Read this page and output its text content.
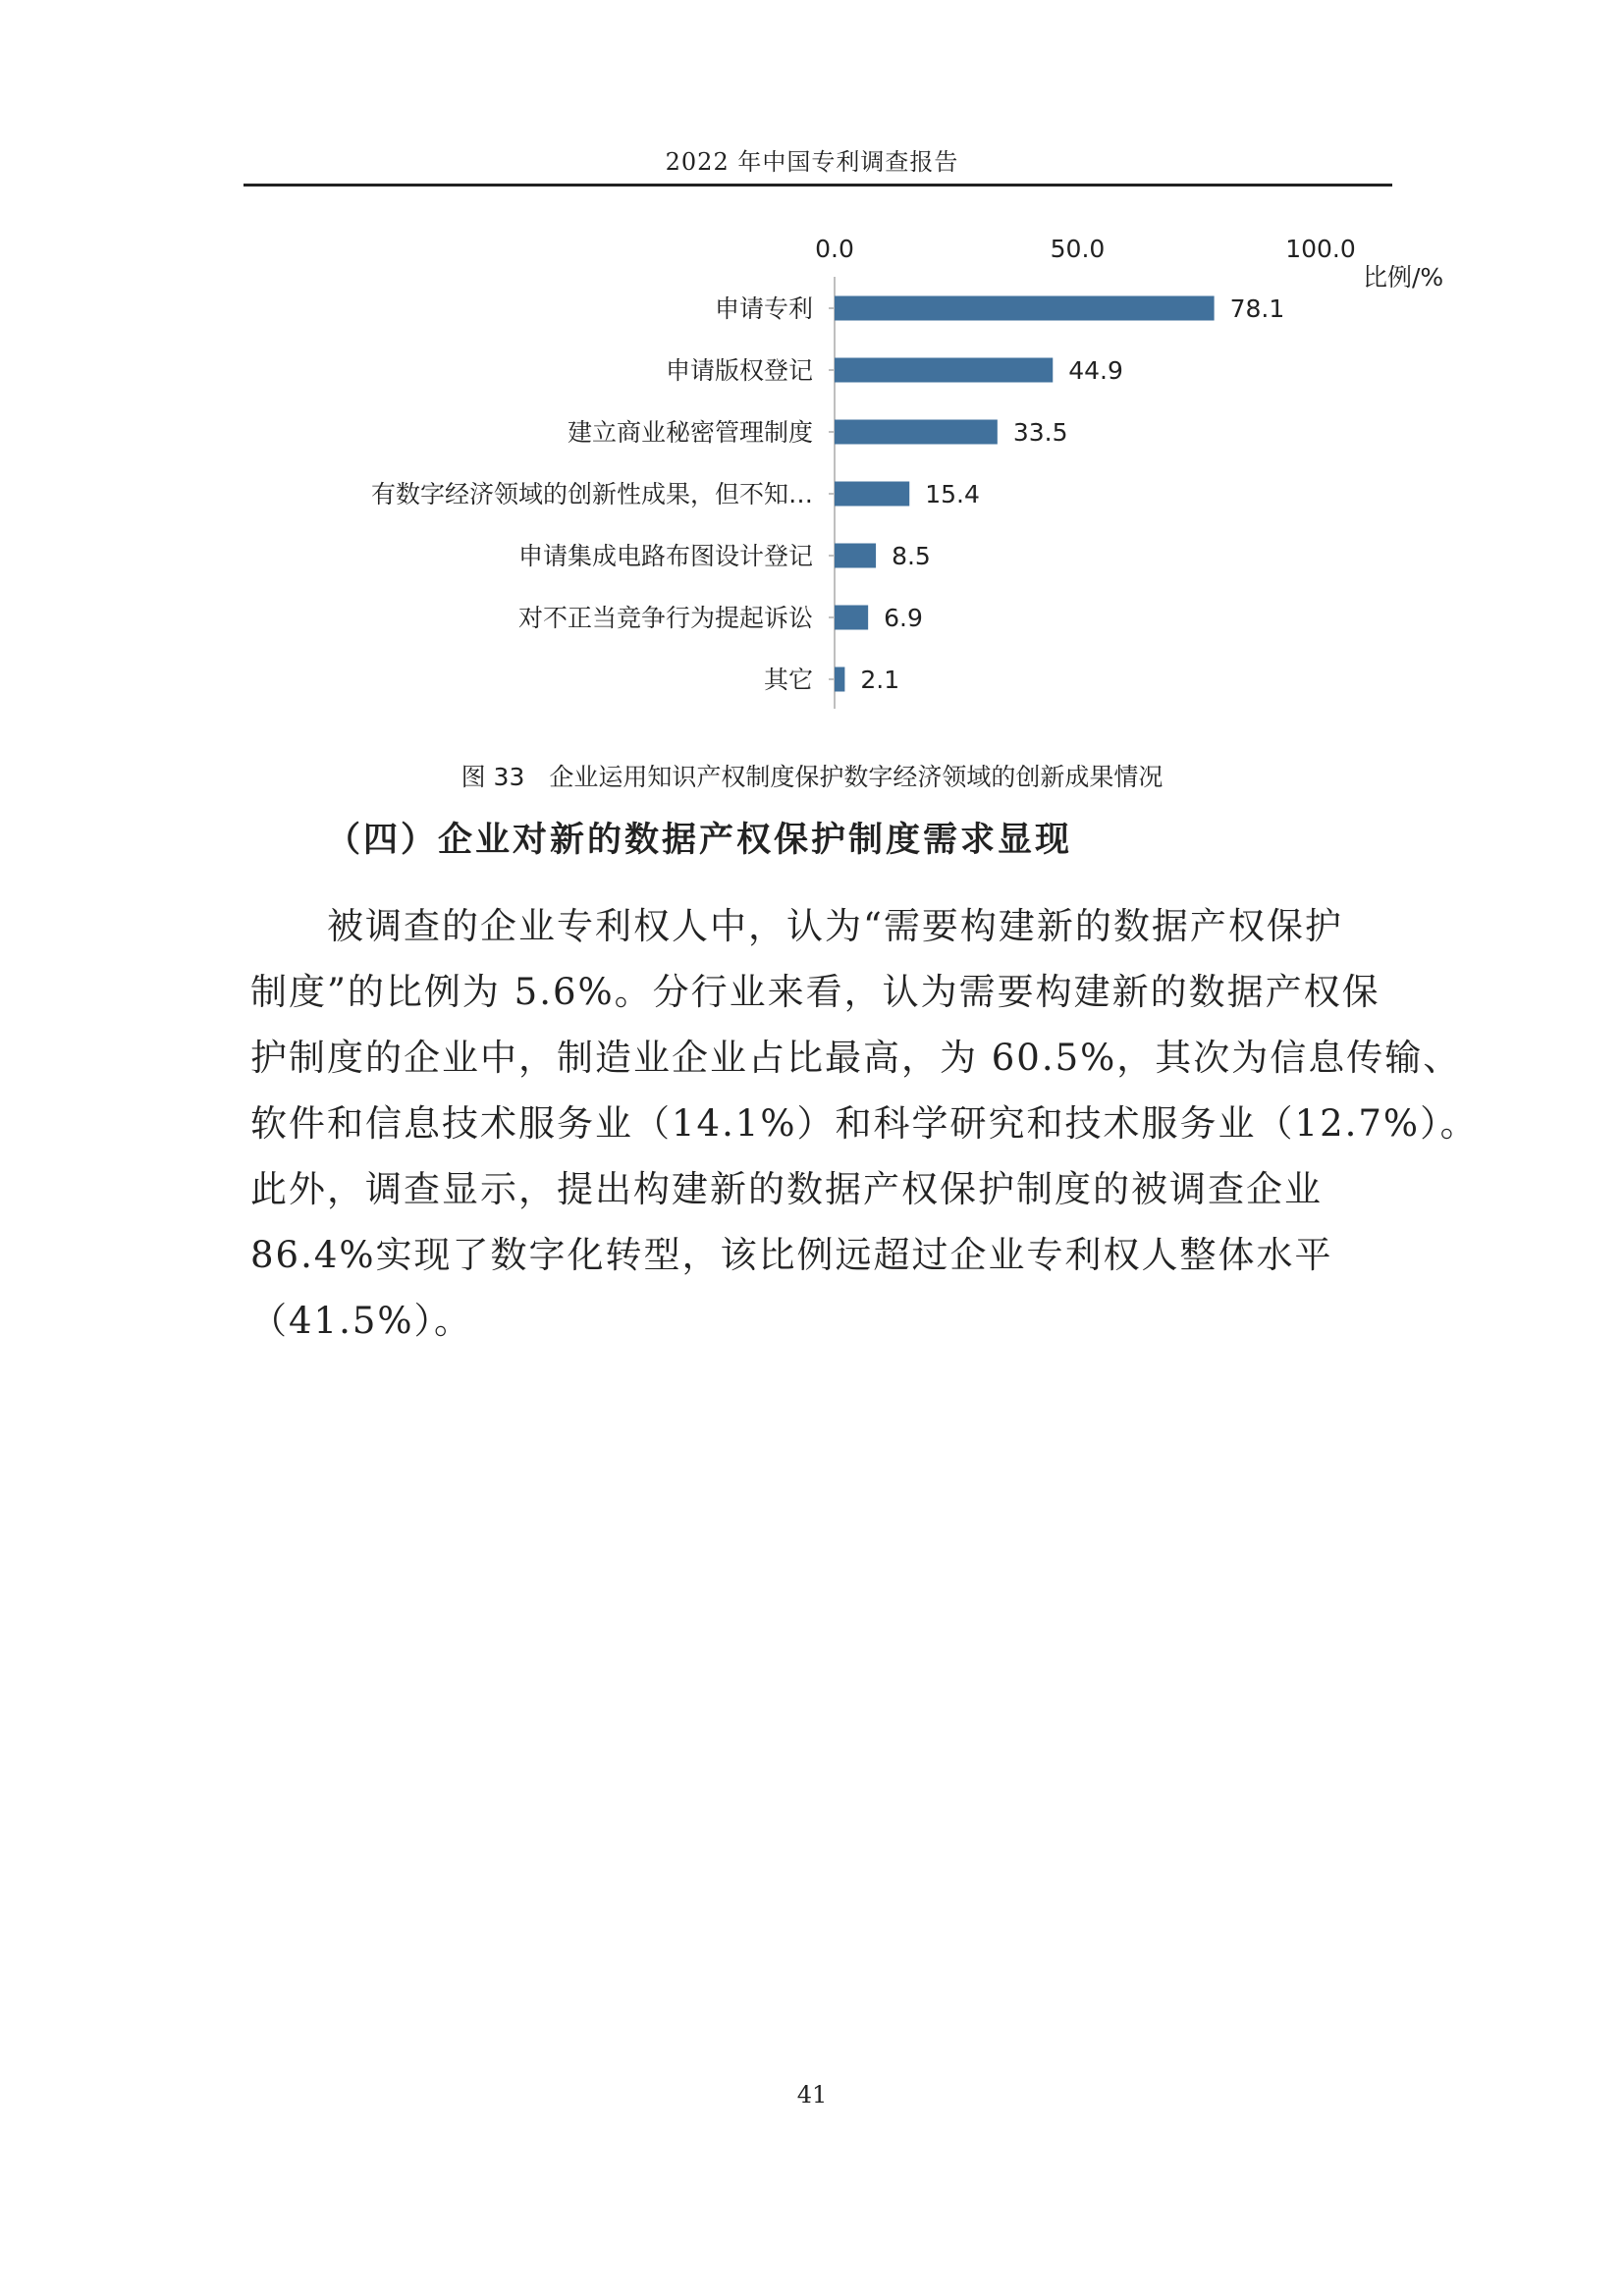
2022 年中国专利调查报告
0.0	50.0	100.0
比例/%
申请专利	78.1
申请版权登记	44.9
建立商业秘密管理制度	33.5
有数字经济领域的创新性成果，但不知…	15.4
申请集成电路布图设计登记	8.5
对不正当竞争行为提起诉讼	6.9
其它 2.1
图 33　企业运用知识产权制度保护数字经济领域的创新成果情况
（四）企业对新的数据产权保护制度需求显现
　　被调查的企业专利权人中，认为“需要构建新的数据产权保护
制度”的比例为 5.6%。分行业来看，认为需要构建新的数据产权保
护制度的企业中，制造业企业占比最高，为 60.5%，其次为信息传输、
软件和信息技术服务业（14.1%）和科学研究和技术服务业（12.7%）。
此外，调查显示，提出构建新的数据产权保护制度的被调查企业
86.4%实现了数字化转型，该比例远超过企业专利权人整体水平
（41.5%）。
41
